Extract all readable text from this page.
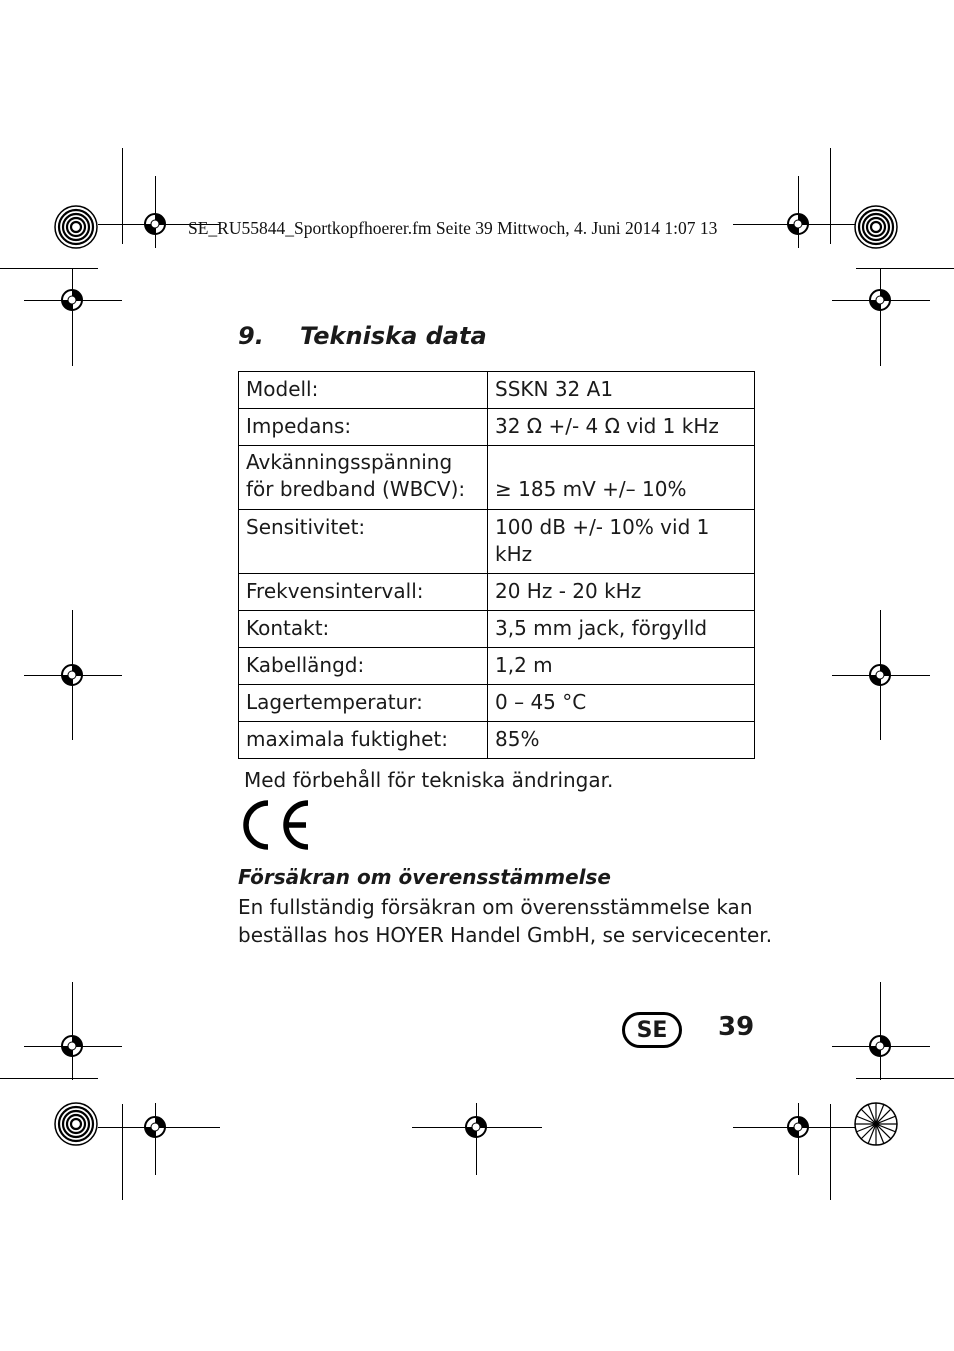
SE_RU55844_Sportkopfhoerer.fm Seite 39 Mittwoch, 4. Juni 2014 1:07 13
9. Tekniska data
Modell:	SSKN 32 A1
Impedans:	32 Ω +/- 4 Ω vid 1 kHz
Avkänningsspänning för bredband (WBCV):	≥ 185 mV +/– 10%
Sensitivitet:	100 dB +/- 10% vid 1 kHz
Frekvensintervall:	20 Hz - 20 kHz
Kontakt:	3,5 mm jack, förgylld
Kabellängd:	1,2 m
Lagertemperatur:	0 – 45 °C
maximala fuktighet:	85%
Med förbehåll för tekniska ändringar.
Försäkran om överensstämmelse
En fullständig försäkran om överensstämmelse kan beställas hos HOYER Handel GmbH, se servicecenter.
SE	39
